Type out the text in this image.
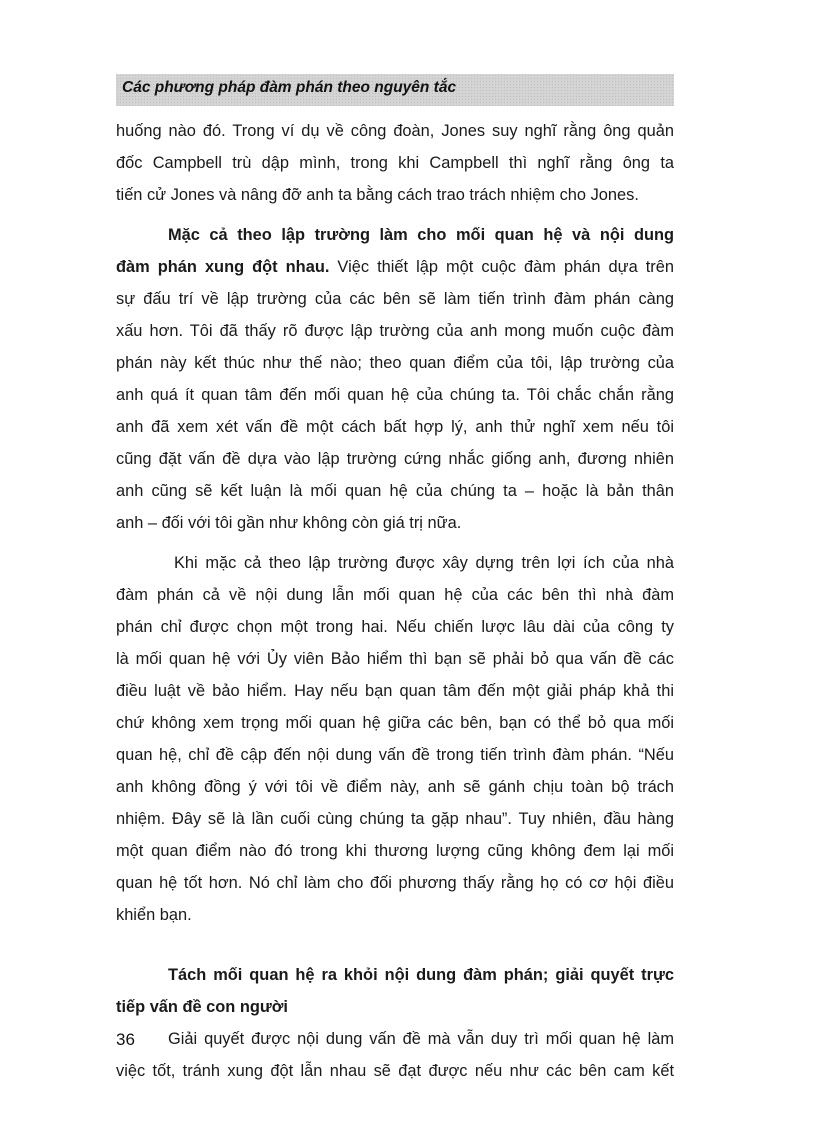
Các phương pháp đàm phán theo nguyên tắc
huống nào đó. Trong ví dụ về công đoàn, Jones suy nghĩ rằng ông quản
đốc Campbell trù dập mình, trong khi Campbell thì nghĩ rằng ông ta
tiến cử Jones và nâng đỡ anh ta bằng cách trao trách nhiệm cho Jones.
Mặc cả theo lập trường làm cho mối quan hệ và nội dung
đàm phán xung đột nhau. Việc thiết lập một cuộc đàm phán dựa trên
sự đấu trí về lập trường của các bên sẽ làm tiến trình đàm phán càng
xấu hơn. Tôi đã thấy rõ được lập trường của anh mong muốn cuộc đàm
phán này kết thúc như thế nào; theo quan điểm của tôi, lập trường của
anh quá ít quan tâm đến mối quan hệ của chúng ta. Tôi chắc chắn rằng
anh đã xem xét vấn đề một cách bất hợp lý, anh thử nghĩ xem nếu tôi
cũng đặt vấn đề dựa vào lập trường cứng nhắc giống anh, đương nhiên
anh cũng sẽ kết luận là mối quan hệ của chúng ta – hoặc là bản thân
anh – đối với tôi gần như không còn giá trị nữa.
Khi mặc cả theo lập trường được xây dựng trên lợi ích của nhà
đàm phán cả về nội dung lẫn mối quan hệ của các bên thì nhà đàm
phán chỉ được chọn một trong hai. Nếu chiến lược lâu dài của công ty
là mối quan hệ với Ủy viên Bảo hiểm thì bạn sẽ phải bỏ qua vấn đề các
điều luật về bảo hiểm. Hay nếu bạn quan tâm đến một giải pháp khả thi
chứ không xem trọng mối quan hệ giữa các bên, bạn có thể bỏ qua mối
quan hệ, chỉ đề cập đến nội dung vấn đề trong tiến trình đàm phán. “Nếu
anh không đồng ý với tôi về điểm này, anh sẽ gánh chịu toàn bộ trách
nhiệm. Đây sẽ là lần cuối cùng chúng ta gặp nhau”. Tuy nhiên, đầu hàng
một quan điểm nào đó trong khi thương lượng cũng không đem lại mối
quan hệ tốt hơn. Nó chỉ làm cho đối phương thấy rằng họ có cơ hội điều
khiển bạn.
Tách mối quan hệ ra khỏi nội dung đàm phán; giải quyết trực
tiếp vấn đề con người
Giải quyết được nội dung vấn đề mà vẫn duy trì mối quan hệ làm
việc tốt, tránh xung đột lẫn nhau sẽ đạt được nếu như các bên cam kết
36
